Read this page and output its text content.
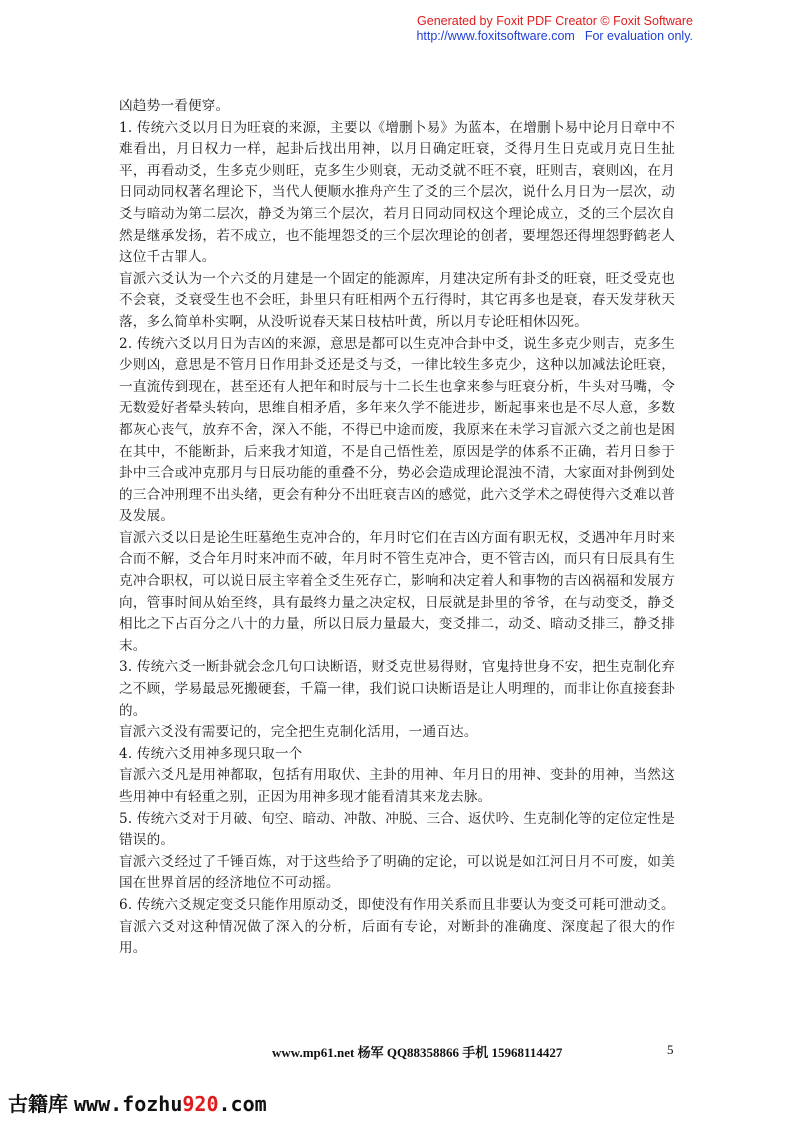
Generated by Foxit PDF Creator © Foxit Software
http://www.foxitsoftware.com For evaluation only.

凶趋势一看便穿。

1. 传统六爻以月日为旺衰的来源，主要以《增删卜易》为蓝本，在增删卜易中论月日章中不难看出，月日权力一样，起卦后找出用神，以月日确定旺衰，爻得月生日克或月克日生扯平，再看动爻，生多克少则旺，克多生少则衰，无动爻就不旺不衰，旺则吉，衰则凶，在月日同动同权著名理论下，当代人便顺水推舟产生了爻的三个层次，说什么月日为一层次，动爻与暗动为第二层次，静爻为第三个层次，若月日同动同权这个理论成立，爻的三个层次自然是继承发扬，若不成立，也不能埋怨爻的三个层次理论的创者，要埋怨还得埋怨野鹤老人这位千古罪人。

盲派六爻认为一个六爻的月建是一个固定的能源库，月建决定所有卦爻的旺衰，旺爻受克也不会衰，爻衰受生也不会旺，卦里只有旺相两个五行得时，其它再多也是衰，春天发芽秋天落，多么简单朴实啊，从没听说春天某日枝枯叶黄，所以月专论旺相休囚死。

2. 传统六爻以月日为吉凶的来源，意思是都可以生克冲合卦中爻，说生多克少则吉，克多生少则凶，意思是不管月日作用卦爻还是爻与爻，一律比较生多克少，这种以加减法论旺衰，一直流传到现在，甚至还有人把年和时辰与十二长生也拿来参与旺衰分析，牛头对马嘴，令无数爱好者晕头转向，思维自相矛盾，多年来久学不能进步，断起事来也是不尽人意，多数都灰心丧气，放弃不舍，深入不能，不得已中途而废，我原来在未学习盲派六爻之前也是困在其中，不能断卦，后来我才知道，不是自己悟性差，原因是学的体系不正确，若月日参于卦中三合或冲克那月与日辰功能的重叠不分，势必会造成理论混浊不清，大家面对卦例到处的三合冲刑理不出头绪，更会有种分不出旺衰吉凶的感觉，此六爻学术之碍使得六爻难以普及发展。

盲派六爻以日是论生旺墓绝生克冲合的，年月时它们在吉凶方面有职无权，爻遇冲年月时来合而不解，爻合年月时来冲而不破，年月时不管生克冲合，更不管吉凶，而只有日辰具有生克冲合职权，可以说日辰主宰着全爻生死存亡，影响和决定着人和事物的吉凶祸福和发展方向，管事时间从始至终，具有最终力量之决定权，日辰就是卦里的爷爷，在与动变爻，静爻相比之下占百分之八十的力量，所以日辰力量最大，变爻排二，动爻、暗动爻排三，静爻排末。

3. 传统六爻一断卦就会念几句口诀断语，财爻克世易得财，官鬼持世身不安，把生克制化弃之不顾，学易最忌死搬硬套，千篇一律，我们说口诀断语是让人明理的，而非让你直接套卦的。

盲派六爻没有需要记的，完全把生克制化活用，一通百达。

4. 传统六爻用神多现只取一个

盲派六爻凡是用神都取，包括有用取伏、主卦的用神、年月日的用神、变卦的用神，当然这些用神中有轻重之别，正因为用神多现才能看清其来龙去脉。

5. 传统六爻对于月破、旬空、暗动、冲散、冲脱、三合、返伏吟、生克制化等的定位定性是错误的。

盲派六爻经过了千锤百炼，对于这些给予了明确的定论，可以说是如江河日月不可废，如美国在世界首居的经济地位不可动摇。

6. 传统六爻规定变爻只能作用原动爻，即使没有作用关系而且非要认为变爻可耗可泄动爻。

盲派六爻对这种情况做了深入的分析，后面有专论，对断卦的准确度、深度起了很大的作用。

www.mp61.net 杨军 QQ88358866 手机 15968114427	5
古籍库 www.fozhu920.com
